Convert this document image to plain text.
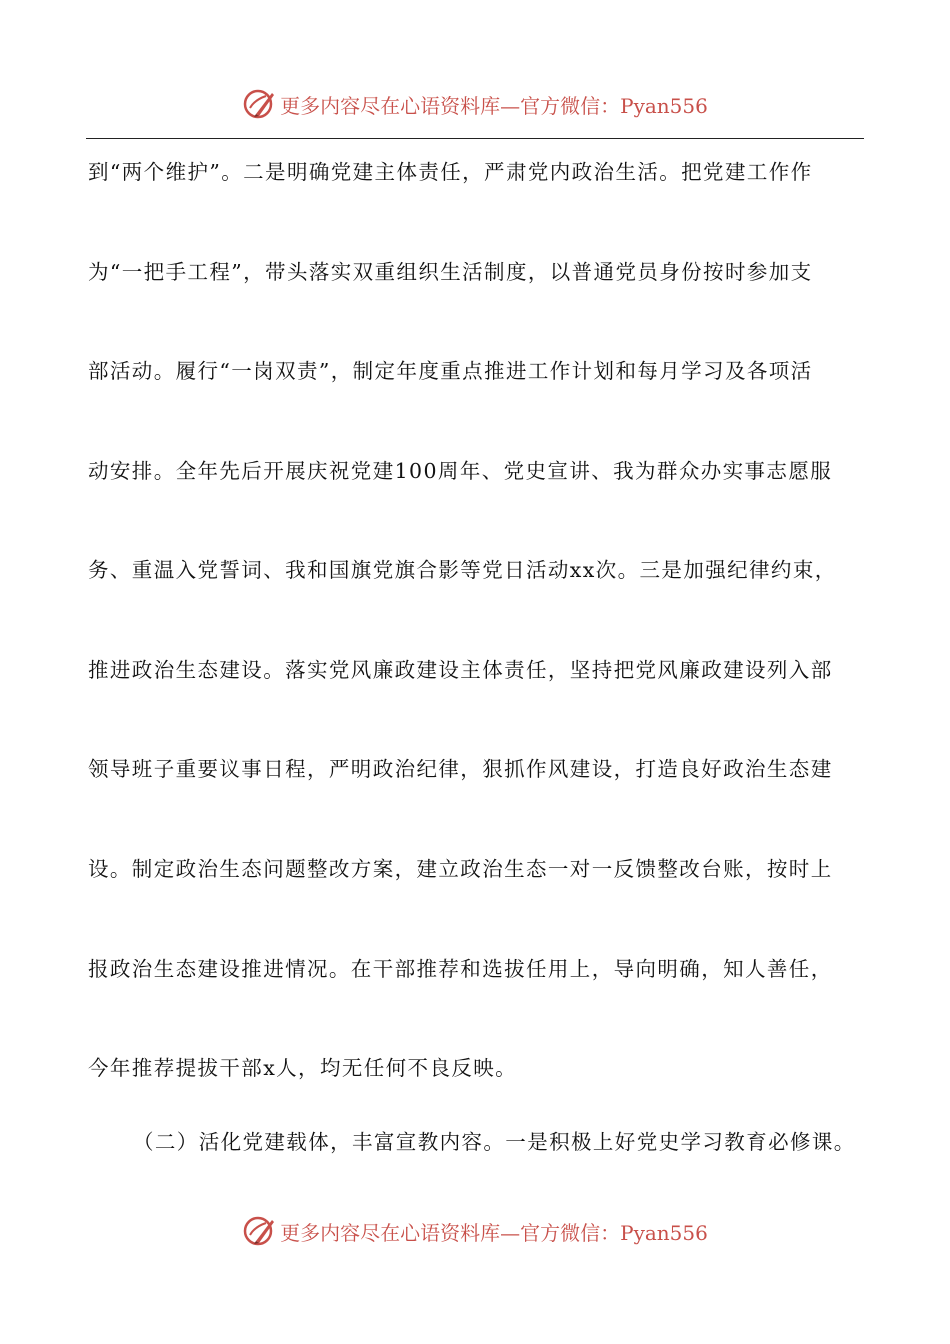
更多内容尽在心语资料库—官方微信：Pyan556
到“两个维护”。二是明确党建主体责任，严肃党内政治生活。把党建工作作
为“一把手工程”，带头落实双重组织生活制度，以普通党员身份按时参加支
部活动。履行“一岗双责”，制定年度重点推进工作计划和每月学习及各项活
动安排。全年先后开展庆祝党建100周年、党史宣讲、我为群众办实事志愿服
务、重温入党誓词、我和国旗党旗合影等党日活动xx次。三是加强纪律约束，
推进政治生态建设。落实党风廉政建设主体责任，坚持把党风廉政建设列入部
领导班子重要议事日程，严明政治纪律，狠抓作风建设，打造良好政治生态建
设。制定政治生态问题整改方案，建立政治生态一对一反馈整改台账，按时上
报政治生态建设推进情况。在干部推荐和选拔任用上，导向明确，知人善任，
今年推荐提拔干部x人，均无任何不良反映。
（二）活化党建载体，丰富宣教内容。一是积极上好党史学习教育必修课。
更多内容尽在心语资料库—官方微信：Pyan556
